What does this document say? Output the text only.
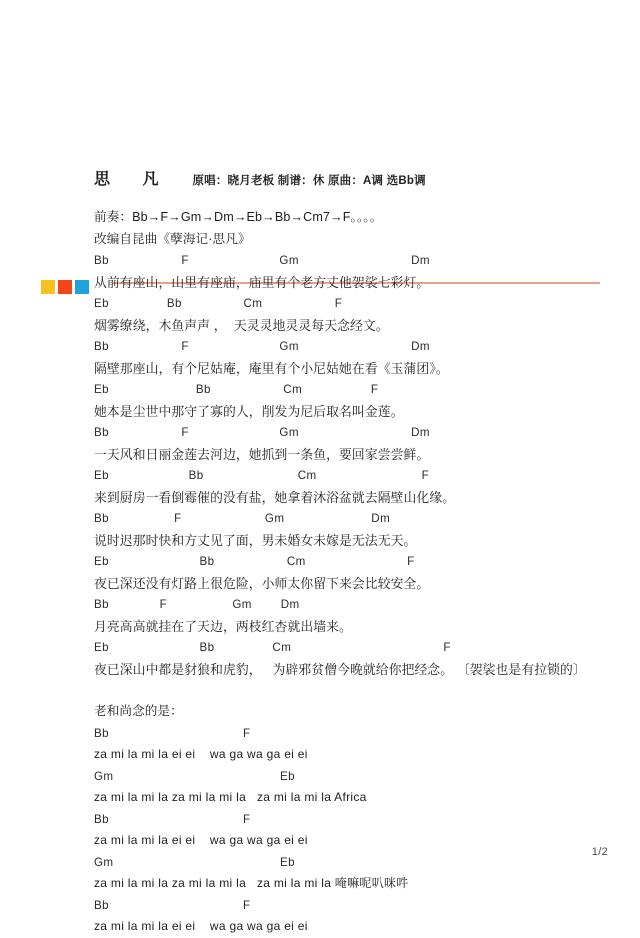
思 凡 原唱：晓月老板 制谱：休 原曲：A调 选Bb调
前奏：Bb→F→Gm→Dm→Eb→Bb→Cm7→F。。。。
改编自昆曲《孽海记·思凡》
Bb                    F                         Gm                               Dm
从前有座山，山里有座庙，庙里有个老方丈他袈裟七彩灯。
Eb                Bb                 Cm                    F
烟雾缭绕，木鱼声声 ，  天灵灵地灵灵每天念经文。
Bb                    F                         Gm                               Dm
隔壁那座山，有个尼姑庵，庵里有个小尼姑她在看《玉蒲团》。
Eb                        Bb                    Cm                   F
她本是尘世中那守了寡的人，削发为尼后取名叫金莲。
Bb                    F                         Gm                               Dm
一天风和日丽金莲去河边，她抓到一条鱼，要回家尝尝鲜。
Eb                      Bb                          Cm                             F
来到厨房一看倒霉催的没有盐，她拿着沐浴盆就去隔壁山化缘。
Bb                  F                       Gm                        Dm
说时迟那时快和方丈见了面，男未婚女未嫁是无法无天。
Eb                         Bb                    Cm                            F
夜已深还没有灯路上很危险，小师太你留下来会比较安全。
Bb              F                  Gm        Dm
月亮高高就挂在了天边，两枝红杏就出墙来。
Eb                         Bb                Cm                                          F
夜已深山中都是豺狼和虎豹，   为辟邪贫僧今晚就给你把经念。 〔袈裟也是有拉锁的〕
老和尚念的是：
Bb                                     F
za mi la mi la ei ei    wa ga wa ga ei ei
Gm                                              Eb
za mi la mi la za mi la mi la   za mi la mi la Africa
Bb                                     F
za mi la mi la ei ei    wa ga wa ga ei ei
Gm                                              Eb
za mi la mi la za mi la mi la   za mi la mi la 唵嘛呢叭咪吽
Bb                                     F
za mi la mi la ei ei    wa ga wa ga ei ei
1/2
